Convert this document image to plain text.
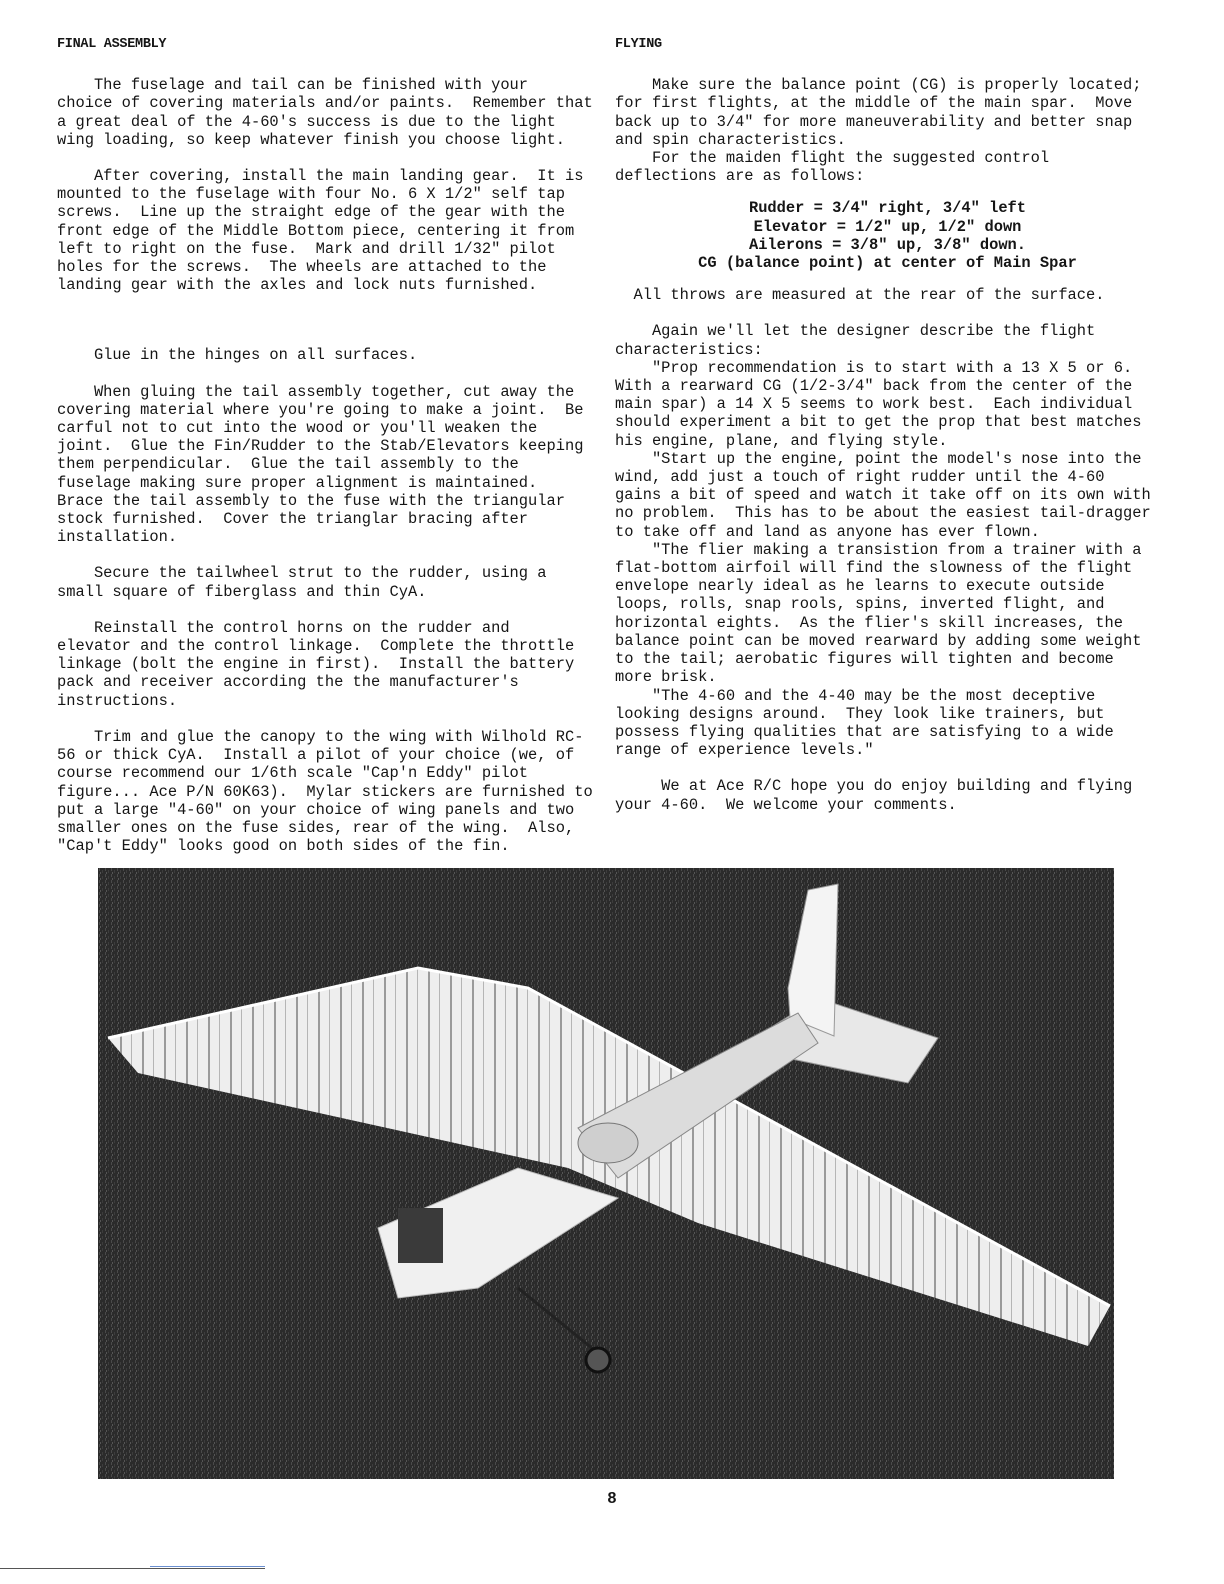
FINAL ASSEMBLY
The fuselage and tail can be finished with your
choice of covering materials and/or paints.  Remember that
a great deal of the 4-60's success is due to the light
wing loading, so keep whatever finish you choose light.
After covering, install the main landing gear.  It is
mounted to the fuselage with four No. 6 X 1/2" self tap
screws.  Line up the straight edge of the gear with the
front edge of the Middle Bottom piece, centering it from
left to right on the fuse.  Mark and drill 1/32" pilot
holes for the screws.  The wheels are attached to the
landing gear with the axles and lock nuts furnished.
Glue in the hinges on all surfaces.
When gluing the tail assembly together, cut away the
covering material where you're going to make a joint.  Be
carful not to cut into the wood or you'll weaken the
joint.  Glue the Fin/Rudder to the Stab/Elevators keeping
them perpendicular.  Glue the tail assembly to the
fuselage making sure proper alignment is maintained.
Brace the tail assembly to the fuse with the triangular
stock furnished.  Cover the trianglar bracing after
installation.
Secure the tailwheel strut to the rudder, using a
small square of fiberglass and thin CyA.
Reinstall the control horns on the rudder and
elevator and the control linkage.  Complete the throttle
linkage (bolt the engine in first).  Install the battery
pack and receiver according the the manufacturer's
instructions.
Trim and glue the canopy to the wing with Wilhold RC-
56 or thick CyA.  Install a pilot of your choice (we, of
course recommend our 1/6th scale "Cap'n Eddy" pilot
figure... Ace P/N 60K63).  Mylar stickers are furnished to
put a large "4-60" on your choice of wing panels and two
smaller ones on the fuse sides, rear of the wing.  Also,
"Cap't Eddy" looks good on both sides of the fin.
FLYING
Make sure the balance point (CG) is properly located;
for first flights, at the middle of the main spar.  Move
back up to 3/4" for more maneuverability and better snap
and spin characteristics.
For the maiden flight the suggested control
deflections are as follows:
Rudder = 3/4" right, 3/4" left
Elevator = 1/2" up, 1/2" down
Ailerons = 3/8" up, 3/8" down.
CG (balance point) at center of Main Spar
All throws are measured at the rear of the surface.
Again we'll let the designer describe the flight
characteristics:
"Prop recommendation is to start with a 13 X 5 or 6.
With a rearward CG (1/2-3/4" back from the center of the
main spar) a 14 X 5 seems to work best.  Each individual
should experiment a bit to get the prop that best matches
his engine, plane, and flying style.
"Start up the engine, point the model's nose into the
wind, add just a touch of right rudder until the 4-60
gains a bit of speed and watch it take off on its own with
no problem.  This has to be about the easiest tail-dragger
to take off and land as anyone has ever flown.
"The flier making a transistion from a trainer with a
flat-bottom airfoil will find the slowness of the flight
envelope nearly ideal as he learns to execute outside
loops, rolls, snap rools, spins, inverted flight, and
horizontal eights.  As the flier's skill increases, the
balance point can be moved rearward by adding some weight
to the tail; aerobatic figures will tighten and become
more brisk.
"The 4-60 and the 4-40 may be the most deceptive
looking designs around.  They look like trainers, but
possess flying qualities that are satisfying to a wide
range of experience levels."
We at Ace R/C hope you do enjoy building and flying
your 4-60.  We welcome your comments.
8
